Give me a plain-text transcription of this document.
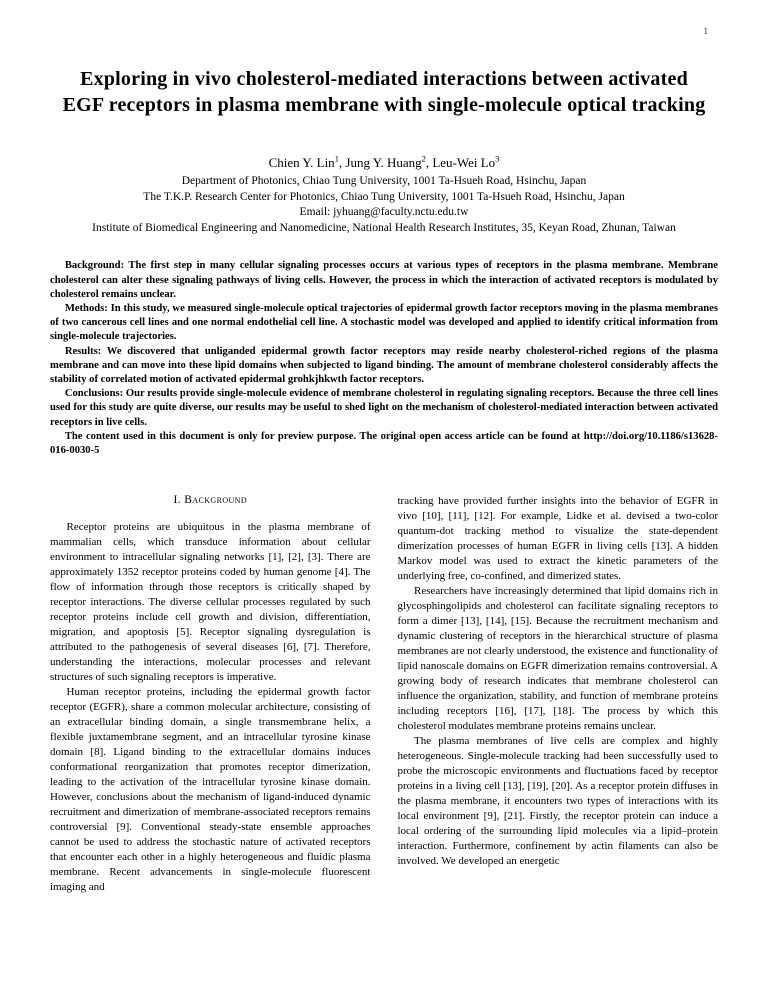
1
Exploring in vivo cholesterol-mediated interactions between activated EGF receptors in plasma membrane with single-molecule optical tracking
Chien Y. Lin$^1$, Jung Y. Huang$^2$, Leu-Wei Lo$^3$
Department of Photonics, Chiao Tung University, 1001 Ta-Hsueh Road, Hsinchu, Japan
The T.K.P. Research Center for Photonics, Chiao Tung University, 1001 Ta-Hsueh Road, Hsinchu, Japan
Email: jyhuang@faculty.nctu.edu.tw
Institute of Biomedical Engineering and Nanomedicine, National Health Research Institutes, 35, Keyan Road, Zhunan, Taiwan

Background: The first step in many cellular signaling processes occurs at various types of receptors in the plasma membrane. Membrane cholesterol can alter these signaling pathways of living cells. However, the process in which the interaction of activated receptors is modulated by cholesterol remains unclear.

Methods: In this study, we measured single-molecule optical trajectories of epidermal growth factor receptors moving in the plasma membranes of two cancerous cell lines and one normal endothelial cell line. A stochastic model was developed and applied to identify critical information from single-molecule trajectories.

Results: We discovered that unliganded epidermal growth factor receptors may reside nearby cholesterol-riched regions of the plasma membrane and can move into these lipid domains when subjected to ligand binding. The amount of membrane cholesterol considerably affects the stability of correlated motion of activated epidermal grohkjhkwth factor receptors.

Conclusions: Our results provide single-molecule evidence of membrane cholesterol in regulating signaling receptors. Because the three cell lines used for this study are quite diverse, our results may be useful to shed light on the mechanism of cholesterol-mediated interaction between activated receptors in live cells.

The content used in this document is only for preview purpose. The original open access article can be found at http://doi.org/10.1186/s13628-016-0030-5

I. Background

Receptor proteins are ubiquitous in the plasma membrane of mammalian cells, which transduce information about cellular environment to intracellular signaling networks [1], [2], [3]. There are approximately 1352 receptor proteins coded by human genome [4]. The flow of information through those receptors is critically shaped by receptor interactions. The diverse cellular processes regulated by such receptor proteins include cell growth and division, differentiation, migration, and apoptosis [5]. Receptor signaling dysregulation is attributed to the pathogenesis of several diseases [6], [7]. Therefore, understanding the interactions, molecular processes and relevant structures of such signaling receptors is imperative.

Human receptor proteins, including the epidermal growth factor receptor (EGFR), share a common molecular architecture, consisting of an extracellular binding domain, a single transmembrane helix, a flexible juxtamembrane segment, and an intracellular tyrosine kinase domain [8]. Ligand binding to the extracellular domains induces conformational reorganization that promotes receptor dimerization, leading to the activation of the intracellular tyrosine kinase domain. However, conclusions about the mechanism of ligand-induced dynamic recruitment and dimerization of membrane-associated receptors remains controversial [9]. Conventional steady-state ensemble approaches cannot be used to address the stochastic nature of activated receptors that encounter each other in a highly heterogeneous and fluidic plasma membrane. Recent advancements in single-molecule fluorescent imaging and

tracking have provided further insights into the behavior of EGFR in vivo [10], [11], [12]. For example, Lidke et al. devised a two-color quantum-dot tracking method to visualize the state-dependent dimerization processes of human EGFR in living cells [13]. A hidden Markov model was used to extract the kinetic parameters of the underlying free, co-confined, and dimerized states.

Researchers have increasingly determined that lipid domains rich in glycosphingolipids and cholesterol can facilitate signaling receptors to form a dimer [13], [14], [15]. Because the recruitment mechanism and dynamic clustering of receptors in the hierarchical structure of plasma membranes are not clearly understood, the existence and functionality of lipid nanoscale domains on EGFR dimerization remains controversial. A growing body of research indicates that membrane cholesterol can influence the organization, stability, and function of membrane proteins including receptors [16], [17], [18]. The process by which this cholesterol modulates membrane proteins remains unclear.

The plasma membranes of live cells are complex and highly heterogeneous. Single-molecule tracking had been successfully used to probe the microscopic environments and fluctuations faced by receptor proteins in a living cell [13], [19], [20]. As a receptor protein diffuses in the plasma membrane, it encounters two types of interactions with its local environment [9], [21]. Firstly, the receptor protein can induce a local ordering of the surrounding lipid molecules via a lipid–protein interaction. Furthermore, confinement by actin filaments can also be involved. We developed an energetic
